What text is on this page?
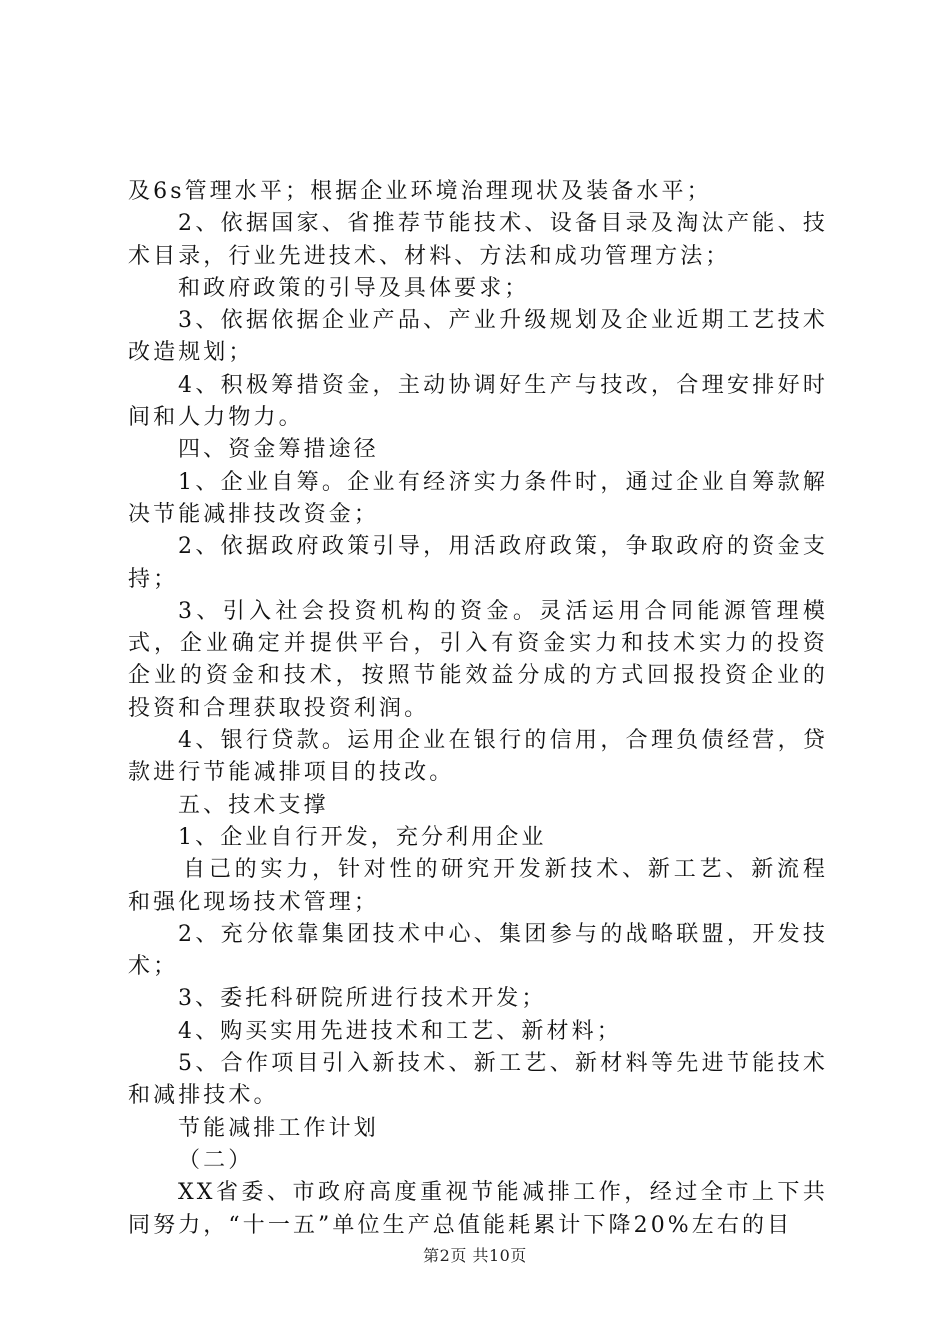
及6s管理水平；根据企业环境治理现状及装备水平；

2、依据国家、省推荐节能技术、设备目录及淘汰产能、技术目录，行业先进技术、材料、方法和成功管理方法；

和政府政策的引导及具体要求；

3、依据依据企业产品、产业升级规划及企业近期工艺技术改造规划；

4、积极筹措资金，主动协调好生产与技改，合理安排好时间和人力物力。

四、资金筹措途径

1、企业自筹。企业有经济实力条件时，通过企业自筹款解决节能减排技改资金；

2、依据政府政策引导，用活政府政策，争取政府的资金支持；

3、引入社会投资机构的资金。灵活运用合同能源管理模式，企业确定并提供平台，引入有资金实力和技术实力的投资企业的资金和技术，按照节能效益分成的方式回报投资企业的投资和合理获取投资利润。

4、银行贷款。运用企业在银行的信用，合理负债经营，贷款进行节能减排项目的技改。

五、技术支撑

1、企业自行开发，充分利用企业

自己的实力，针对性的研究开发新技术、新工艺、新流程和强化现场技术管理；

2、充分依靠集团技术中心、集团参与的战略联盟，开发技术；

3、委托科研院所进行技术开发；

4、购买实用先进技术和工艺、新材料；

5、合作项目引入新技术、新工艺、新材料等先进节能技术和减排技术。

节能减排工作计划

（二）

XX省委、市政府高度重视节能减排工作，经过全市上下共同努力，“十一五”单位生产总值能耗累计下降20%左右的目

第2页 共10页
